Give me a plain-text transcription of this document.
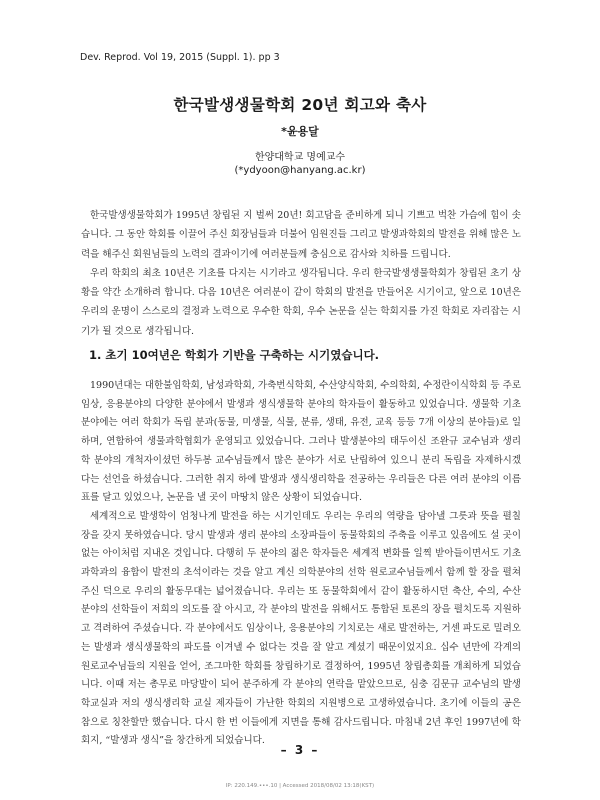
Dev. Reprod. Vol 19, 2015 (Suppl. 1). pp 3
한국발생생물학회 20년 회고와 축사
*윤용달
한양대학교 명예교수
(*ydyoon@hanyang.ac.kr)

한국발생생물학회가 1995년 창립된 지 벌써 20년! 회고담을 준비하게 되니 기쁘고 벅찬 가슴에 힘이 솟습니다. 그 동안 학회를 이끌어 주신 회장님들과 더불어 임원진들 그리고 발생과학회의 발전을 위해 많은 노력을 해주신 회원님들의 노력의 결과이기에 여러분들께 충심으로 감사와 치하를 드립니다.

우리 학회의 최초 10년은 기초를 다지는 시기라고 생각됩니다. 우리 한국발생생물학회가 창립된 초기 상황을 약간 소개하려 합니다. 다음 10년은 여러분이 같이 학회의 발전을 만들어온 시기이고, 앞으로 10년은 우리의 운명이 스스로의 결정과 노력으로 우수한 학회, 우수 논문을 싣는 학회지를 가진 학회로 자리잡는 시기가 될 것으로 생각됩니다.

1. 초기 10여년은 학회가 기반을 구축하는 시기였습니다.

1990년대는 대한불임학회, 남성과학회, 가축번식학회, 수산양식학회, 수의학회, 수정란이식학회 등 주로 임상, 응용분야의 다양한 분야에서 발생과 생식생물학 분야의 학자들이 활동하고 있었습니다. 생물학 기초분야에는 여러 학회가 독립 분과(동물, 미생물, 식물, 분류, 생태, 유전, 교육 등등 7개 이상의 분야들)로 일하며, 연합하여 생물과학협회가 운영되고 있었습니다. 그러나 발생분야의 태두이신 조완규 교수님과 생리학 분야의 개척자이셨던 하두봉 교수님들께서 많은 분야가 서로 난립하여 있으니 분리 독립을 자제하시겠다는 선언을 하셨습니다. 그러한 취지 하에 발생과 생식생리학을 전공하는 우리들은 다른 여러 분야의 이름표를 달고 있었으나, 논문을 낼 곳이 마땅치 않은 상황이 되었습니다.

세계적으로 발생학이 엄청나게 발전을 하는 시기인데도 우리는 우리의 역량을 담아낼 그릇과 뜻을 펼칠 장을 갖지 못하였습니다. 당시 발생과 생리 분야의 소장파들이 동물학회의 주축을 이루고 있음에도 설 곳이 없는 아이처럼 지내온 것입니다. 다행히 두 분야의 젊은 학자들은 세계적 변화를 일찍 받아들이면서도 기초과학과의 융합이 발전의 초석이라는 것을 알고 계신 의학분야의 선학 원로교수님들께서 함께 할 장을 펼쳐 주신 덕으로 우리의 활동무대는 넓어졌습니다. 우리는 또 동물학회에서 같이 활동하시던 축산, 수의, 수산 분야의 선학들이 저희의 의도를 잘 아시고, 각 분야의 발전을 위해서도 통합된 토론의 장을 펼치도록 지원하고 격려하여 주셨습니다. 각 분야에서도 임상이나, 응용분야의 기치로는 새로 발전하는, 거센 파도로 밀려오는 발생과 생식생물학의 파도를 이겨낼 수 없다는 것을 잘 알고 계셨기 때문이었지요. 십수 년만에 각계의 원로교수님들의 지원을 얻어, 조그마한 학회를 창립하기로 결정하여, 1995년 창립총회를 개최하게 되었습니다. 이때 저는 총무로 마당발이 되어 분주하게 각 분야의 연락을 맡았으므로, 심충 김문규 교수님의 발생학교실과 저의 생식생리학 교실 제자들이 가난한 학회의 지원병으로 고생하였습니다. 초기에 이들의 공은 참으로 칭찬할만 했습니다. 다시 한 번 이들에게 지면을 통해 감사드립니다. 마침내 2년 후인 1997년에 학회지, “발생과 생식”을 창간하게 되었습니다.

– 3 –
IP: 220.149.•••.10 | Accessed 2018/08/02 13:18(KST)
